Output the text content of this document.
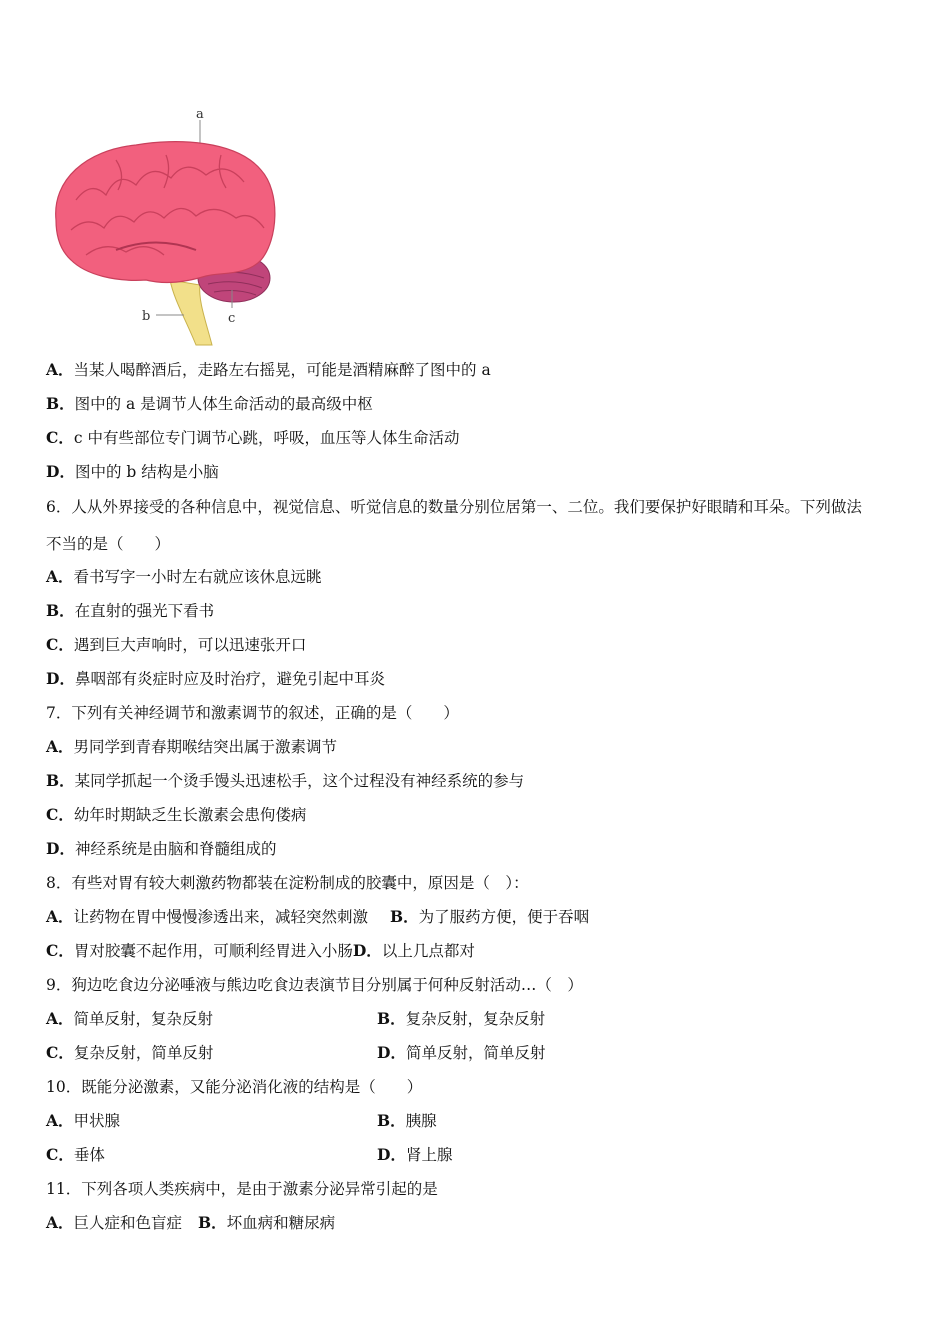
a
b	c
A．当某人喝醉酒后，走路左右摇晃，可能是酒精麻醉了图中的 a
B．图中的 a 是调节人体生命活动的最高级中枢
C．c 中有些部位专门调节心跳，呼吸，血压等人体生命活动
D．图中的 b 结构是小脑
6．人从外界接受的各种信息中，视觉信息、听觉信息的数量分别位居第一、二位。我们要保护好眼睛和耳朵。下列做法
不当的是（　　）
A．看书写字一小时左右就应该休息远眺
B．在直射的强光下看书
C．遇到巨大声响时，可以迅速张开口
D．鼻咽部有炎症时应及时治疗，避免引起中耳炎
7．下列有关神经调节和激素调节的叙述，正确的是（　　）
A．男同学到青春期喉结突出属于激素调节
B．某同学抓起一个烫手馒头迅速松手，这个过程没有神经系统的参与
C．幼年时期缺乏生长激素会患佝偻病
D．神经系统是由脑和脊髓组成的
8．有些对胃有较大刺激药物都装在淀粉制成的胶囊中，原因是（　）：
A．让药物在胃中慢慢渗透出来，减轻突然刺激 B．为了服药方便，便于吞咽
C．胃对胶囊不起作用，可顺利经胃进入小肠D．以上几点都对
9．狗边吃食边分泌唾液与熊边吃食边表演节目分别属于何种反射活动…（　）
A．简单反射，复杂反射	B．复杂反射，复杂反射
C．复杂反射，简单反射	D．简单反射，简单反射
10．既能分泌激素，又能分泌消化液的结构是（　　）
A．甲状腺	B．胰腺
C．垂体	D．肾上腺
11．下列各项人类疾病中，是由于激素分泌异常引起的是
A．巨人症和色盲症 B．坏血病和糖尿病
